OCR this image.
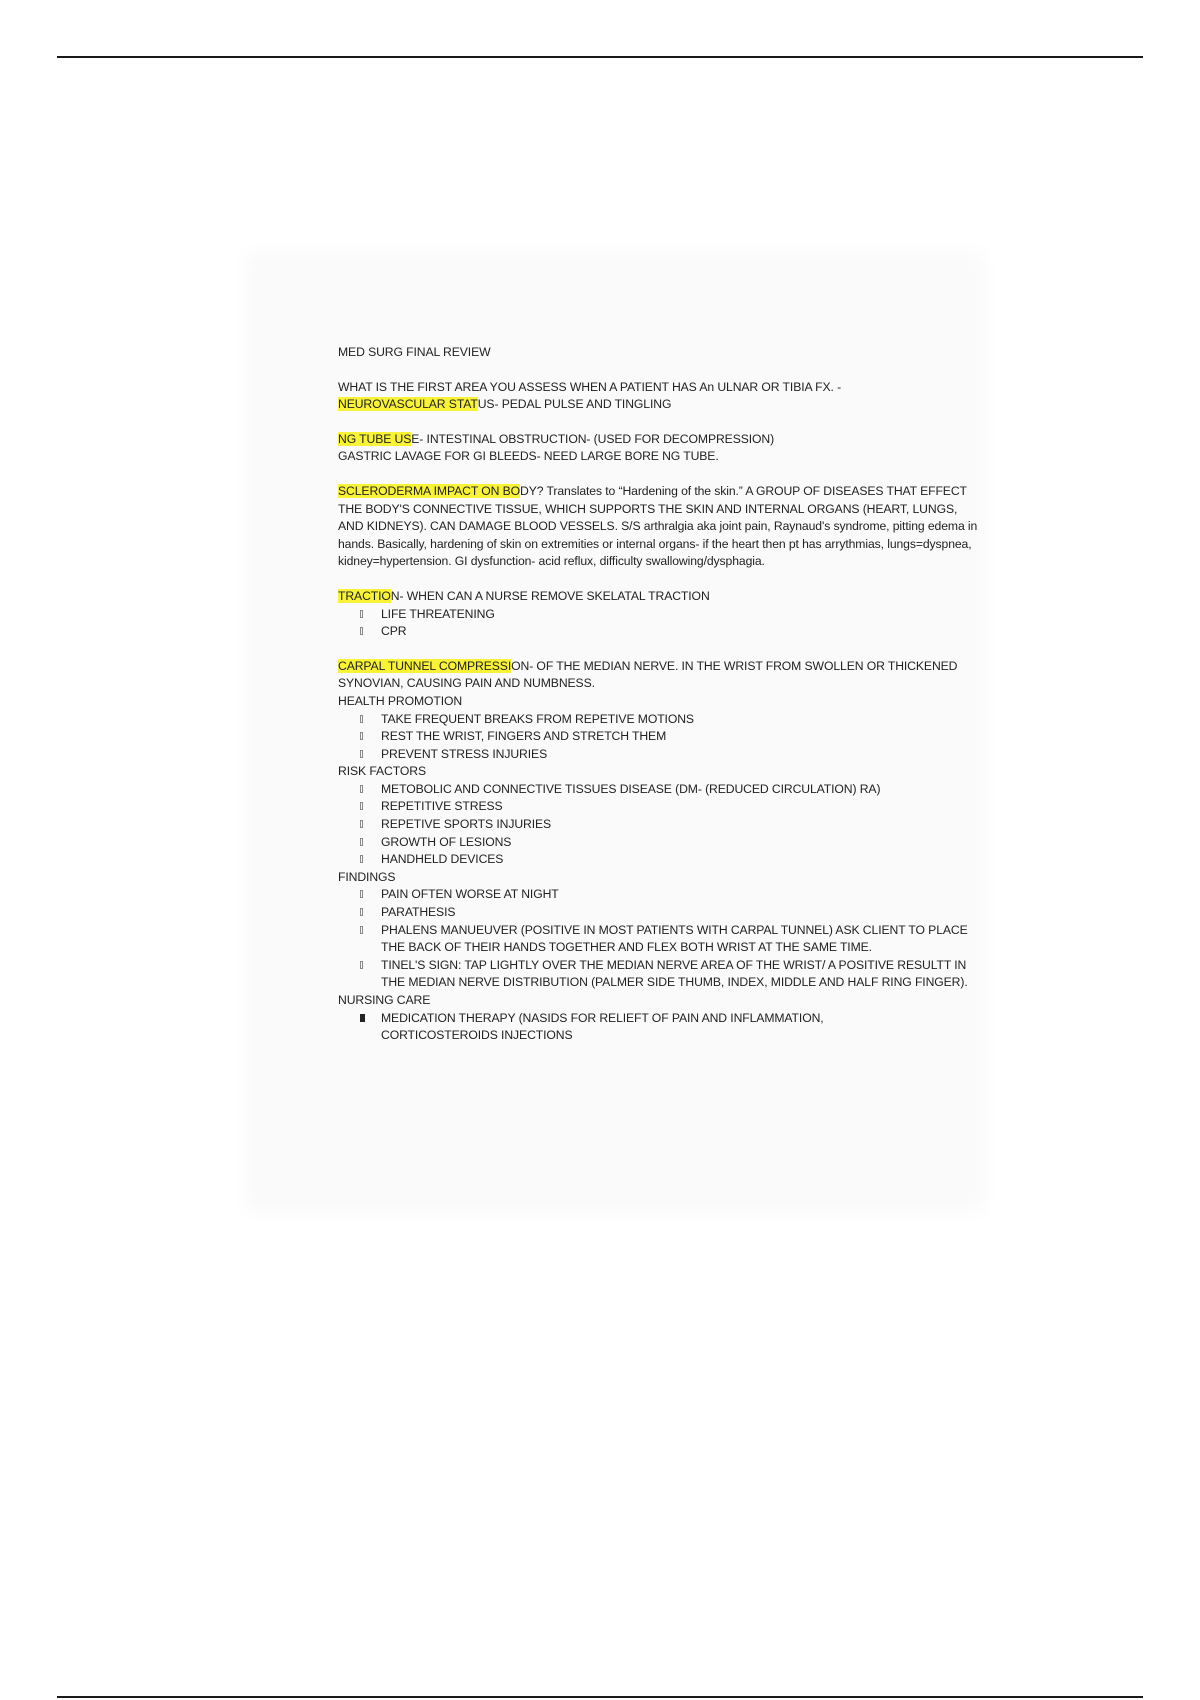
MED SURG FINAL REVIEW

WHAT IS THE FIRST AREA YOU ASSESS WHEN A PATIENT HAS An ULNAR OR TIBIA FX. -
NEUROVASCULAR STATUS- PEDAL PULSE AND TINGLING

NG TUBE USE- INTESTINAL OBSTRUCTION- (USED FOR DECOMPRESSION)
GASTRIC LAVAGE FOR GI BLEEDS- NEED LARGE BORE NG TUBE.

SCLERODERMA IMPACT ON BODY? Translates to “Hardening of the skin.” A GROUP OF DISEASES THAT EFFECT THE BODY'S CONNECTIVE TISSUE, WHICH SUPPORTS THE SKIN AND INTERNAL ORGANS (HEART, LUNGS, AND KIDNEYS). CAN DAMAGE BLOOD VESSELS. S/S arthralgia aka joint pain, Raynaud's syndrome, pitting edema in hands. Basically, hardening of skin on extremities or internal organs- if the heart then pt has arrythmias, lungs=dyspnea, kidney=hypertension. GI dysfunction- acid reflux, difficulty swallowing/dysphagia.

TRACTION- WHEN CAN A NURSE REMOVE SKELATAL TRACTION

LIFE THREATENING
CPR

CARPAL TUNNEL COMPRESSION- OF THE MEDIAN NERVE. IN THE WRIST FROM SWOLLEN OR THICKENED SYNOVIAN, CAUSING PAIN AND NUMBNESS.

HEALTH PROMOTION

TAKE FREQUENT BREAKS FROM REPETIVE MOTIONS
REST THE WRIST, FINGERS AND STRETCH THEM
PREVENT STRESS INJURIES

RISK FACTORS

METOBOLIC AND CONNECTIVE TISSUES DISEASE (DM- (REDUCED CIRCULATION) RA)
REPETITIVE STRESS
REPETIVE SPORTS INJURIES
GROWTH OF LESIONS
HANDHELD DEVICES

FINDINGS

PAIN OFTEN WORSE AT NIGHT
PARATHESIS
PHALENS MANUEUVER (POSITIVE IN MOST PATIENTS WITH CARPAL TUNNEL) ASK CLIENT TO PLACE THE BACK OF THEIR HANDS TOGETHER AND FLEX BOTH WRIST AT THE SAME TIME.
TINEL'S SIGN: TAP LIGHTLY OVER THE MEDIAN NERVE AREA OF THE WRIST/ A POSITIVE RESULTT IN THE MEDIAN NERVE DISTRIBUTION (PALMER SIDE THUMB, INDEX, MIDDLE AND HALF RING FINGER).

NURSING CARE

MEDICATION THERAPY (NASIDS FOR RELIEFT OF PAIN AND INFLAMMATION, CORTICOSTEROIDS INJECTIONS
